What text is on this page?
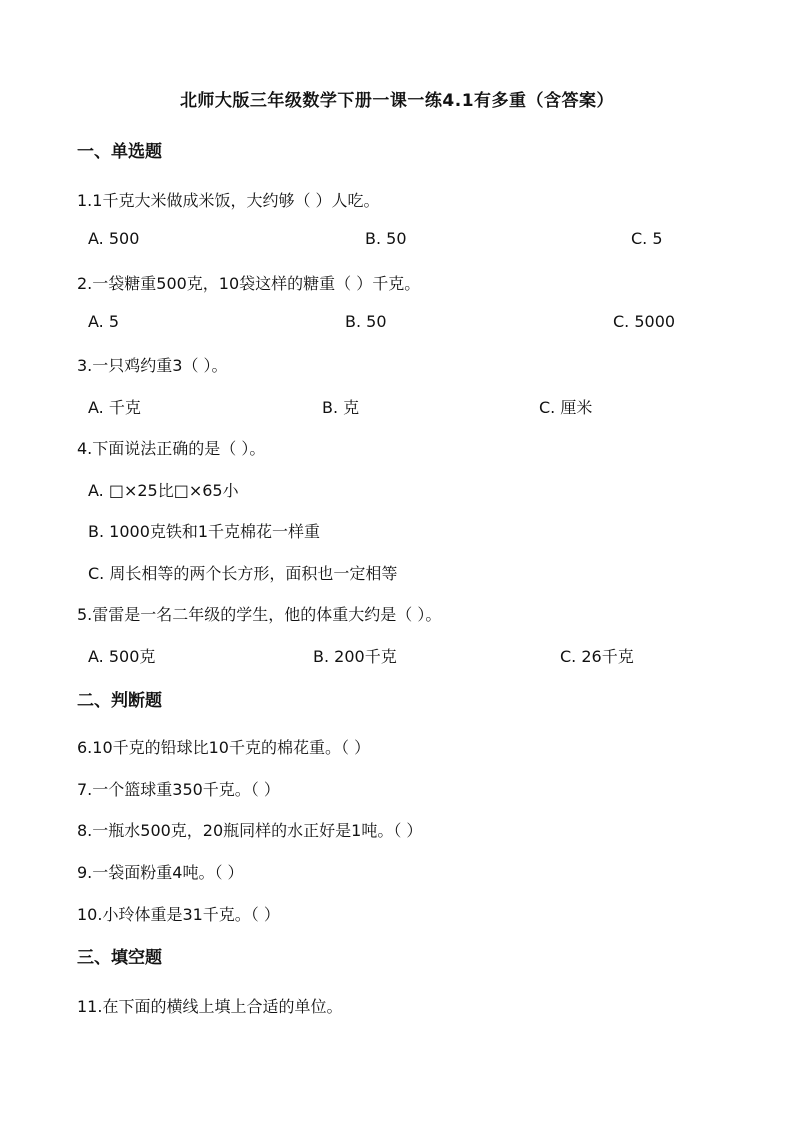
北师大版三年级数学下册一课一练4.1有多重（含答案）
一、单选题
1.1千克大米做成米饭，大约够（ ）人吃。
A. 500	B. 50	C. 5
2.一袋糖重500克，10袋这样的糖重（ ）千克。
A. 5	B. 50	C. 5000
3.一只鸡约重3（ ）。
A. 千克	B. 克	C. 厘米
4.下面说法正确的是（ ）。
A. □×25比□×65小
B. 1000克铁和1千克棉花一样重
C. 周长相等的两个长方形，面积也一定相等
5.雷雷是一名二年级的学生，他的体重大约是（ ）。
A. 500克	B. 200千克	C. 26千克
二、判断题
6.10千克的铅球比10千克的棉花重。（ ）
7.一个篮球重350千克。（ ）
8.一瓶水500克，20瓶同样的水正好是1吨。（ ）
9.一袋面粉重4吨。（ ）
10.小玲体重是31千克。（ ）
三、填空题
11.在下面的横线上填上合适的单位。
